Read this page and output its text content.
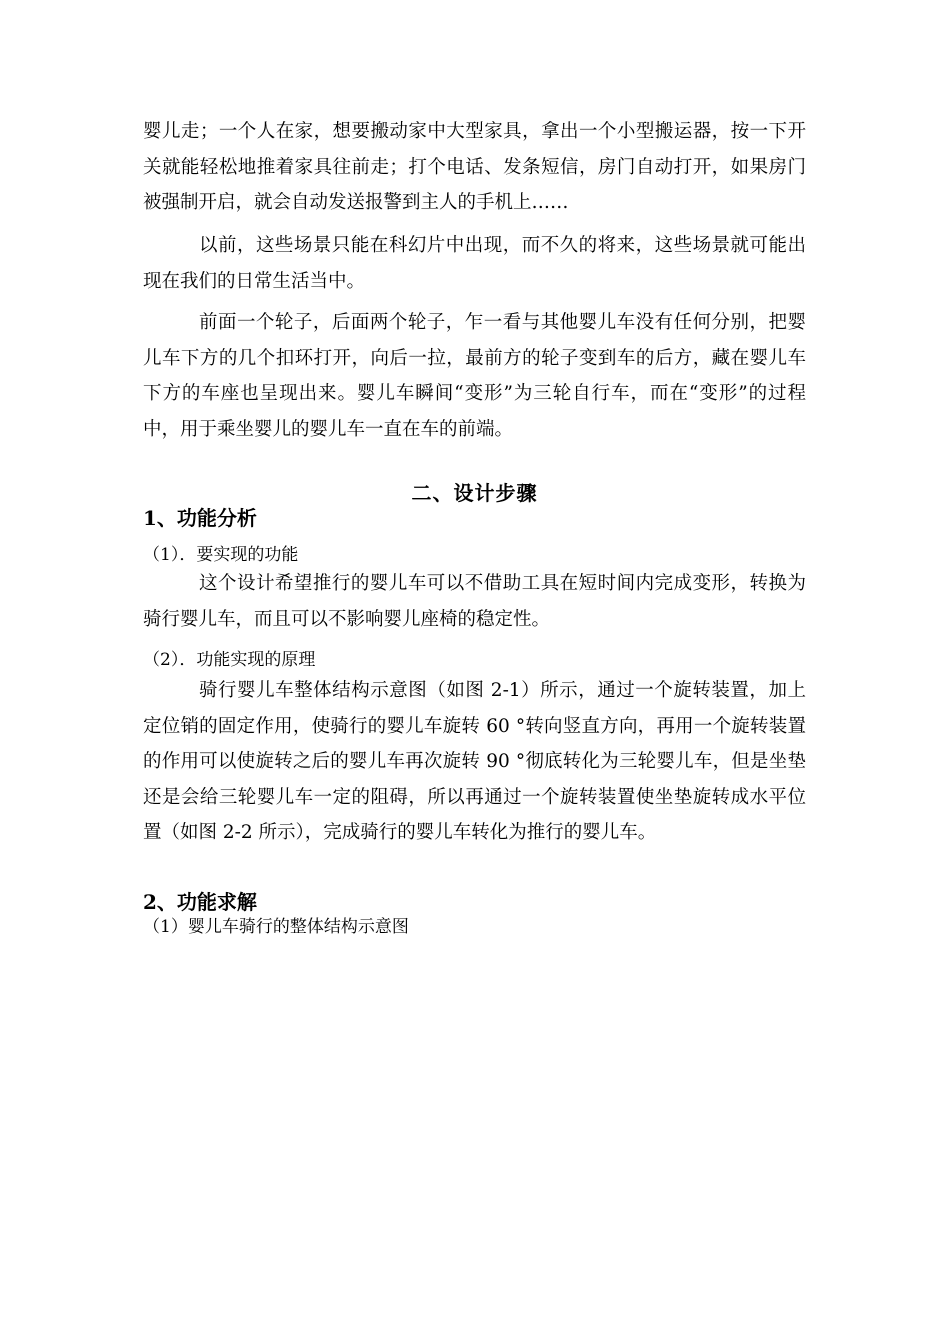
婴儿走；一个人在家，想要搬动家中大型家具，拿出一个小型搬运器，按一下开关就能轻松地推着家具往前走；打个电话、发条短信，房门自动打开，如果房门被强制开启，就会自动发送报警到主人的手机上……

以前，这些场景只能在科幻片中出现，而不久的将来，这些场景就可能出现在我们的日常生活当中。

前面一个轮子，后面两个轮子，乍一看与其他婴儿车没有任何分别，把婴儿车下方的几个扣环打开，向后一拉，最前方的轮子变到车的后方，藏在婴儿车下方的车座也呈现出来。婴儿车瞬间“变形”为三轮自行车，而在“变形”的过程中，用于乘坐婴儿的婴儿车一直在车的前端。

二、设计步骤
1、功能分析
（1）．要实现的功能

这个设计希望推行的婴儿车可以不借助工具在短时间内完成变形，转换为骑行婴儿车，而且可以不影响婴儿座椅的稳定性。

（2）．功能实现的原理

骑行婴儿车整体结构示意图（如图 2-1）所示，通过一个旋转装置，加上定位销的固定作用，使骑行的婴儿车旋转 60 °转向竖直方向，再用一个旋转装置的作用可以使旋转之后的婴儿车再次旋转 90 °彻底转化为三轮婴儿车，但是坐垫还是会给三轮婴儿车一定的阻碍，所以再通过一个旋转装置使坐垫旋转成水平位置（如图 2-2 所示），完成骑行的婴儿车转化为推行的婴儿车。

2、功能求解
（1）婴儿车骑行的整体结构示意图
